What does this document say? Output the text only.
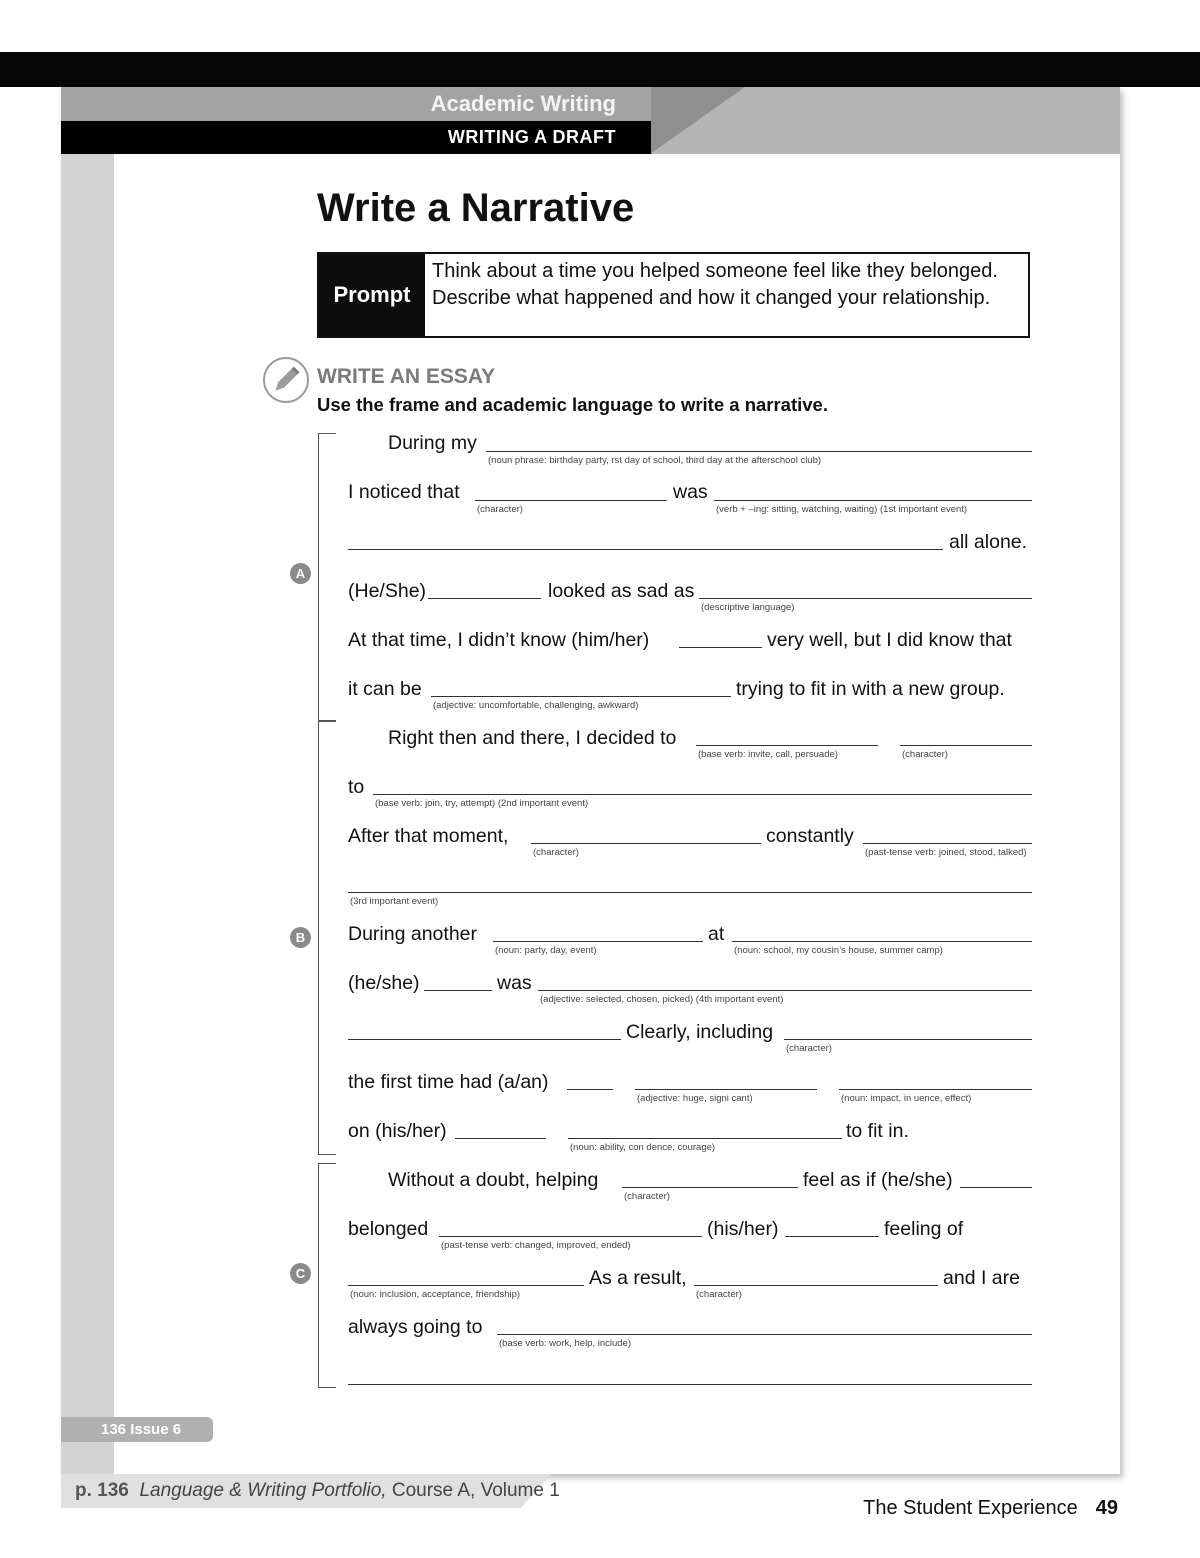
Academic Writing
WRITING A DRAFT
Write a Narrative
Prompt
Think about a time you helped someone feel like they belonged. Describe what happened and how it changed your relationship.
WRITE AN ESSAY
Use the frame and academic language to write a narrative.
A
B
C
During my
(noun phrase: birthday party, rst day of school, third day at the afterschool club)
I noticed that
(character)
was
(verb + –ing: sitting, watching, waiting) (1st important event)
all alone.
(He/She)	looked as sad as
(descriptive language)
At that time, I didn’t know (him/her)	very well, but I did know that
it can be
(adjective: uncomfortable, challenging, awkward)
trying to fit in with a new group.
Right then and there, I decided to
(base verb: invite, call, persuade)	(character)
to
(base verb: join, try, attempt) (2nd important event)
After that moment,
(character)
constantly
(past-tense verb: joined, stood, talked)
(3rd important event)
During another
(noun: party, day, event)
at
(noun: school, my cousin’s house, summer camp)
(he/she)	was
(adjective: selected, chosen, picked) (4th important event)
Clearly, including
(character)
the first time had (a/an)
(adjective: huge, signi cant)	(noun: impact, in uence, effect)
on (his/her)
(noun: ability, con dence, courage)
to fit in.
Without a doubt, helping
(character)
feel as if (he/she)
belonged
(past-tense verb: changed, improved, ended)
(his/her)	feeling of
(noun: inclusion, acceptance, friendship)
As a result,
(character)
and I are
always going to
(base verb: work, help, include)
136 Issue 6
p. 136 Language & Writing Portfolio, Course A, Volume 1
The Student Experience 49
